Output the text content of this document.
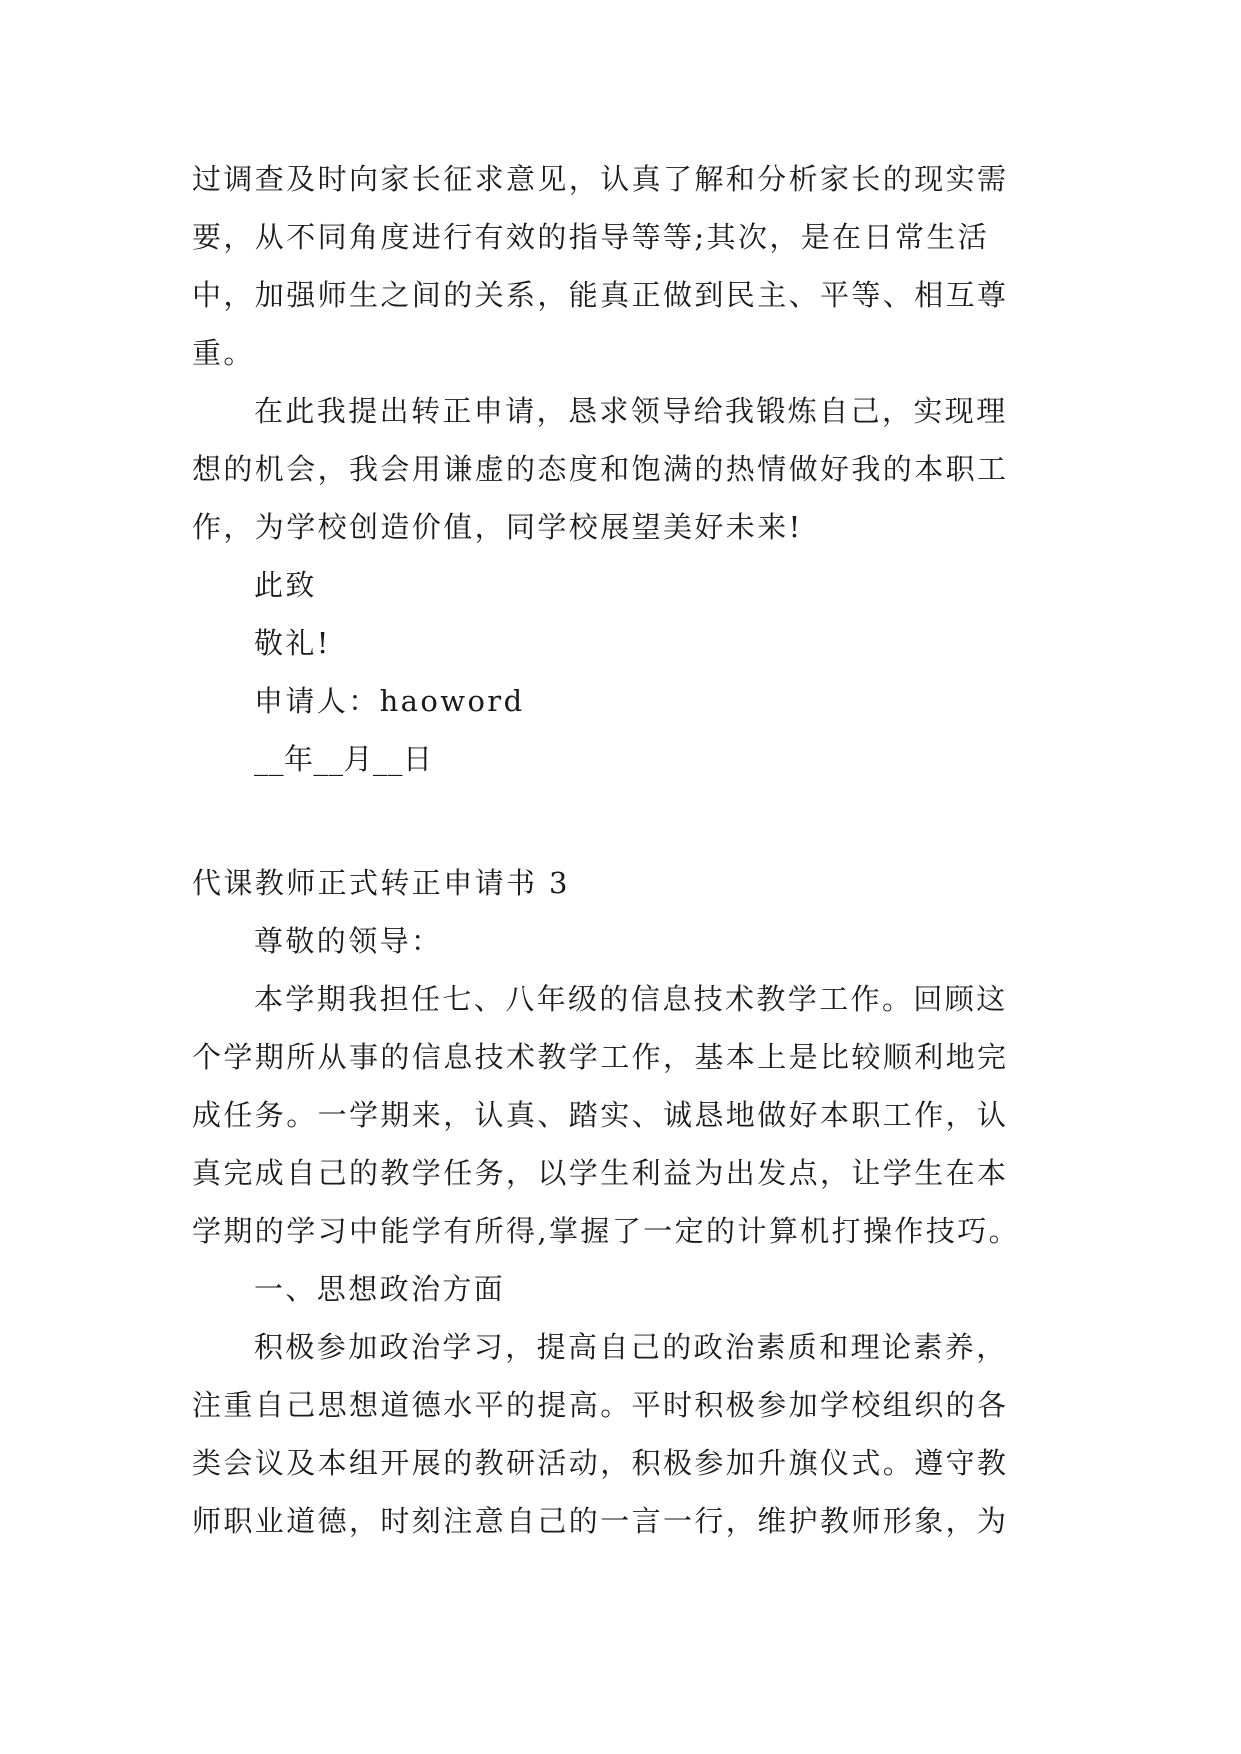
过调查及时向家长征求意见，认真了解和分析家长的现实需
要，从不同角度进行有效的指导等等;其次，是在日常生活
中，加强师生之间的关系，能真正做到民主、平等、相互尊
重。
在此我提出转正申请，恳求领导给我锻炼自己，实现理
想的机会，我会用谦虚的态度和饱满的热情做好我的本职工
作，为学校创造价值，同学校展望美好未来!
此致
敬礼!
申请人：haoword
__年__月__日
代课教师正式转正申请书 3
尊敬的领导：
本学期我担任七、八年级的信息技术教学工作。回顾这
个学期所从事的信息技术教学工作，基本上是比较顺利地完
成任务。一学期来，认真、踏实、诚恳地做好本职工作，认
真完成自己的教学任务，以学生利益为出发点，让学生在本
学期的学习中能学有所得,掌握了一定的计算机打操作技巧。
一、思想政治方面
积极参加政治学习，提高自己的政治素质和理论素养，
注重自己思想道德水平的提高。平时积极参加学校组织的各
类会议及本组开展的教研活动，积极参加升旗仪式。遵守教
师职业道德，时刻注意自己的一言一行，维护教师形象，为
